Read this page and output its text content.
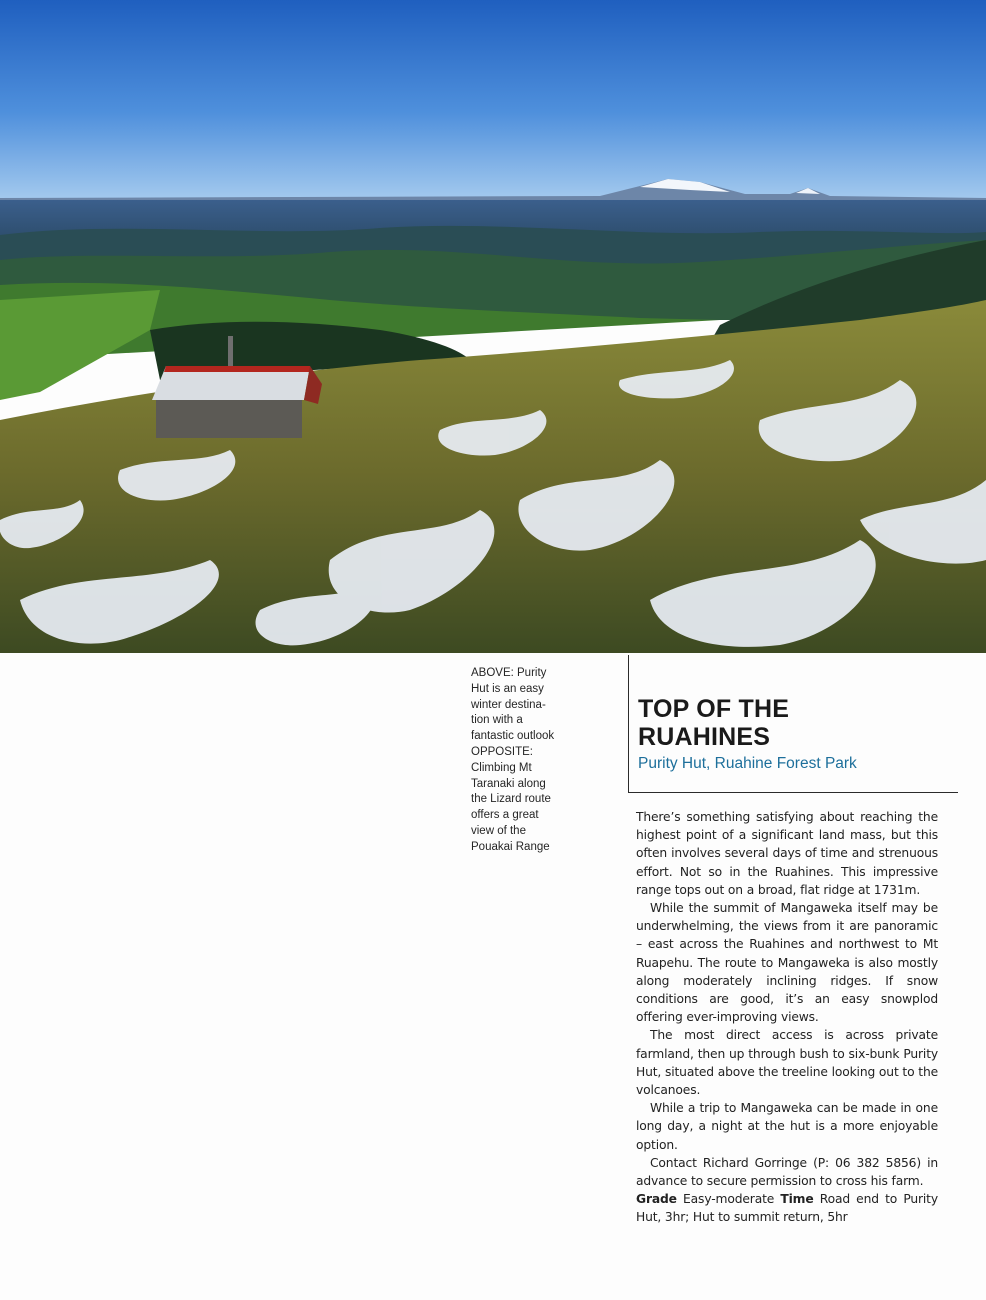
ABOVE: Purity
Hut is an easy
winter destina-
tion with a
fantastic outlook
OPPOSITE:
Climbing Mt
Taranaki along
the Lizard route
offers a great
view of the
Pouakai Range
TOP OF THE
RUAHINES
Purity Hut, Ruahine Forest Park

There’s something satisfying about reaching the highest point of a significant land mass, but this often involves several days of time and strenuous effort. Not so in the Ruahines. This impressive range tops out on a broad, flat ridge at 1731m.

While the summit of Mangaweka itself may be underwhelming, the views from it are panoramic – east across the Ruahines and northwest to Mt Ruapehu. The route to Mangaweka is also mostly along moderately inclining ridges. If snow conditions are good, it’s an easy snowplod offering ever-improving views.

The most direct access is across private farmland, then up through bush to six-bunk Purity Hut, situated above the treeline looking out to the volcanoes.

While a trip to Mangaweka can be made in one long day, a night at the hut is a more enjoyable option.

Contact Richard Gorringe (P: 06 382 5856) in advance to secure permission to cross his farm.

Grade Easy-moderate Time Road end to Purity Hut, 3hr; Hut to summit return, 5hr
